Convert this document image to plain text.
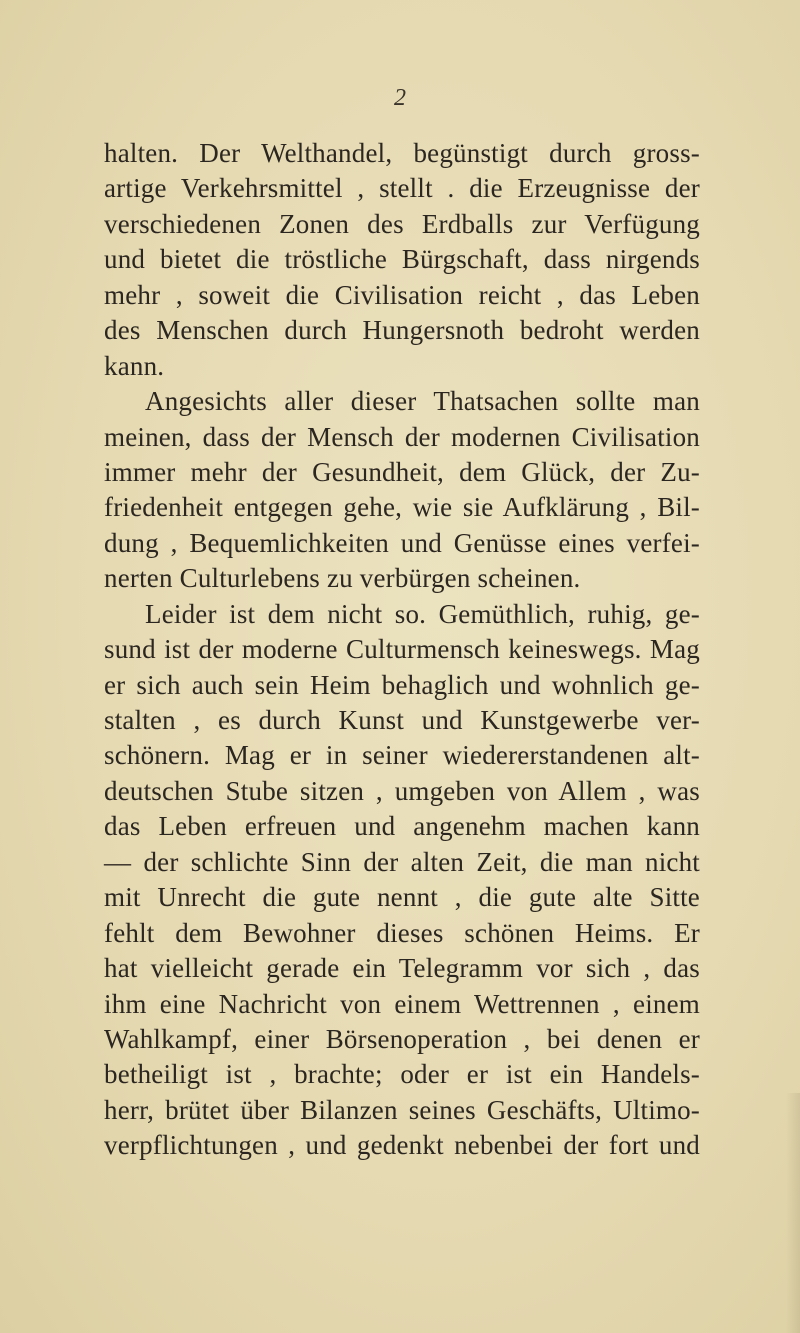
2
halten. Der Welthandel, begünstigt durch gross-
artige Verkehrsmittel , stellt . die Erzeugnisse der
verschiedenen Zonen des Erdballs zur Verfügung
und bietet die tröstliche Bürgschaft, dass nirgends
mehr , soweit die Civilisation reicht , das Leben
des Menschen durch Hungersnoth bedroht werden
kann.
Angesichts aller dieser Thatsachen sollte man
meinen, dass der Mensch der modernen Civilisation
immer mehr der Gesundheit, dem Glück, der Zu-
friedenheit entgegen gehe, wie sie Aufklärung , Bil-
dung , Bequemlichkeiten und Genüsse eines verfei-
nerten Culturlebens zu verbürgen scheinen.
Leider ist dem nicht so. Gemüthlich, ruhig, ge-
sund ist der moderne Culturmensch keineswegs. Mag
er sich auch sein Heim behaglich und wohnlich ge-
stalten , es durch Kunst und Kunstgewerbe ver-
schönern. Mag er in seiner wiedererstandenen alt-
deutschen Stube sitzen , umgeben von Allem , was
das Leben erfreuen und angenehm machen kann
— der schlichte Sinn der alten Zeit, die man nicht
mit Unrecht die gute nennt , die gute alte Sitte
fehlt dem Bewohner dieses schönen Heims. Er
hat vielleicht gerade ein Telegramm vor sich , das
ihm eine Nachricht von einem Wettrennen , einem
Wahlkampf, einer Börsenoperation , bei denen er
betheiligt ist , brachte; oder er ist ein Handels-
herr, brütet über Bilanzen seines Geschäfts, Ultimo-
verpflichtungen , und gedenkt nebenbei der fort und
